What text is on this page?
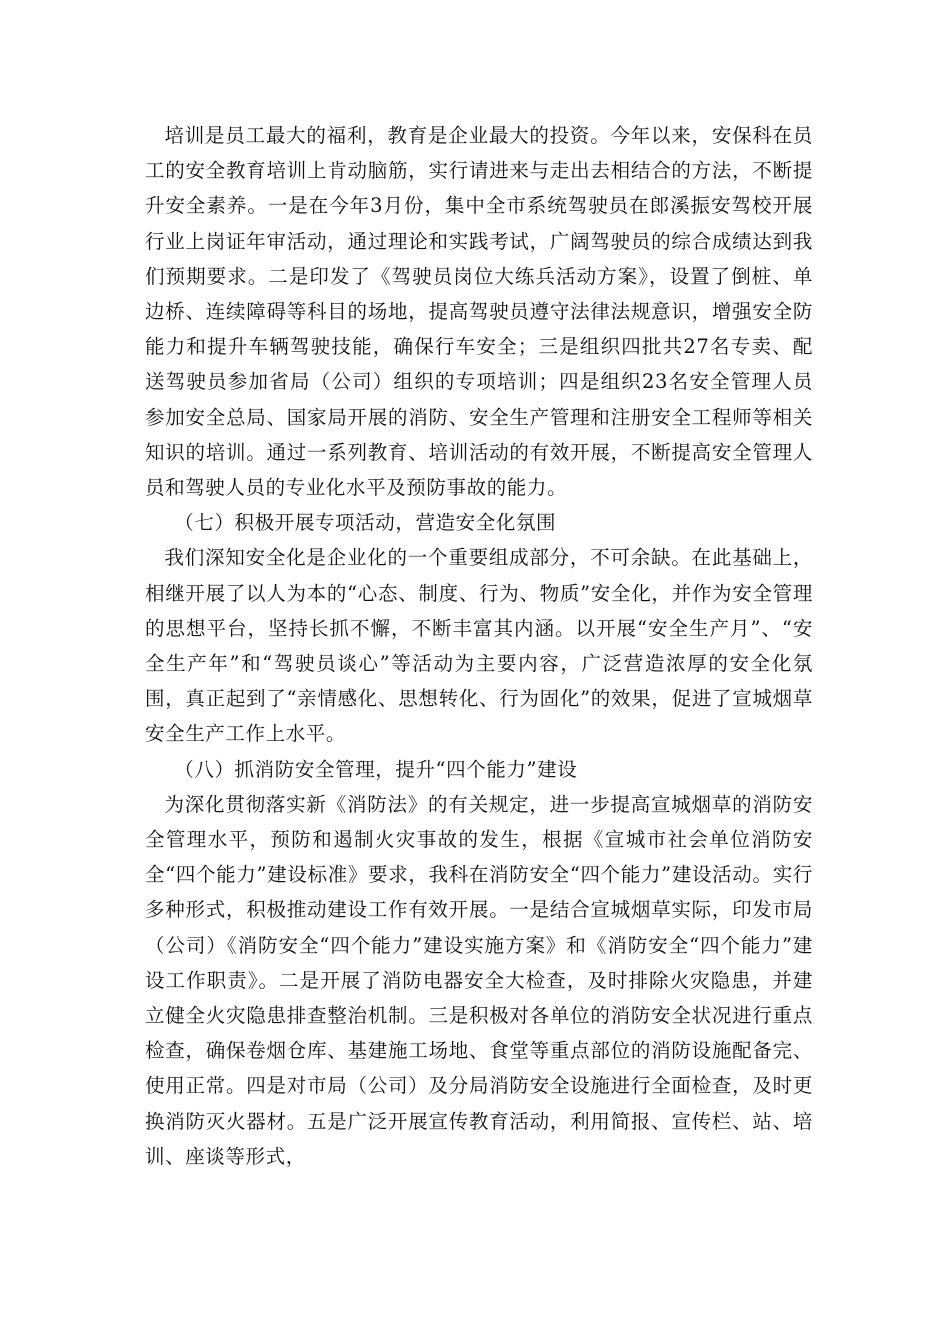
培训是员工最大的福利，教育是企业最大的投资。今年以来，安保科在员工的安全教育培训上肯动脑筋，实行请进来与走出去相结合的方法，不断提升安全素养。一是在今年3月份，集中全市系统驾驶员在郎溪振安驾校开展行业上岗证年审活动，通过理论和实践考试，广阔驾驶员的综合成绩达到我们预期要求。二是印发了《驾驶员岗位大练兵活动方案》，设置了倒桩、单边桥、连续障碍等科目的场地，提高驾驶员遵守法律法规意识，增强安全防能力和提升车辆驾驶技能，确保行车安全；三是组织四批共27名专卖、配送驾驶员参加省局（公司）组织的专项培训；四是组织23名安全管理人员参加安全总局、国家局开展的消防、安全生产管理和注册安全工程师等相关知识的培训。通过一系列教育、培训活动的有效开展，不断提高安全管理人员和驾驶人员的专业化水平及预防事故的能力。

（七）积极开展专项活动，营造安全化氛围

我们深知安全化是企业化的一个重要组成部分，不可余缺。在此基础上，相继开展了以人为本的“心态、制度、行为、物质”安全化，并作为安全管理的思想平台，坚持长抓不懈，不断丰富其内涵。以开展“安全生产月”、“安全生产年”和“驾驶员谈心”等活动为主要内容，广泛营造浓厚的安全化氛围，真正起到了“亲情感化、思想转化、行为固化”的效果，促进了宣城烟草安全生产工作上水平。

（八）抓消防安全管理，提升“四个能力”建设

为深化贯彻落实新《消防法》的有关规定，进一步提高宣城烟草的消防安全管理水平，预防和遏制火灾事故的发生，根据《宣城市社会单位消防安全“四个能力”建设标准》要求，我科在消防安全“四个能力”建设活动。实行多种形式，积极推动建设工作有效开展。一是结合宣城烟草实际，印发市局（公司）《消防安全“四个能力”建设实施方案》和《消防安全“四个能力”建设工作职责》。二是开展了消防电器安全大检查，及时排除火灾隐患，并建立健全火灾隐患排查整治机制。三是积极对各单位的消防安全状况进行重点检查，确保卷烟仓库、基建施工场地、食堂等重点部位的消防设施配备完、使用正常。四是对市局（公司）及分局消防安全设施进行全面检查，及时更换消防灭火器材。五是广泛开展宣传教育活动，利用简报、宣传栏、站、培训、座谈等形式，
